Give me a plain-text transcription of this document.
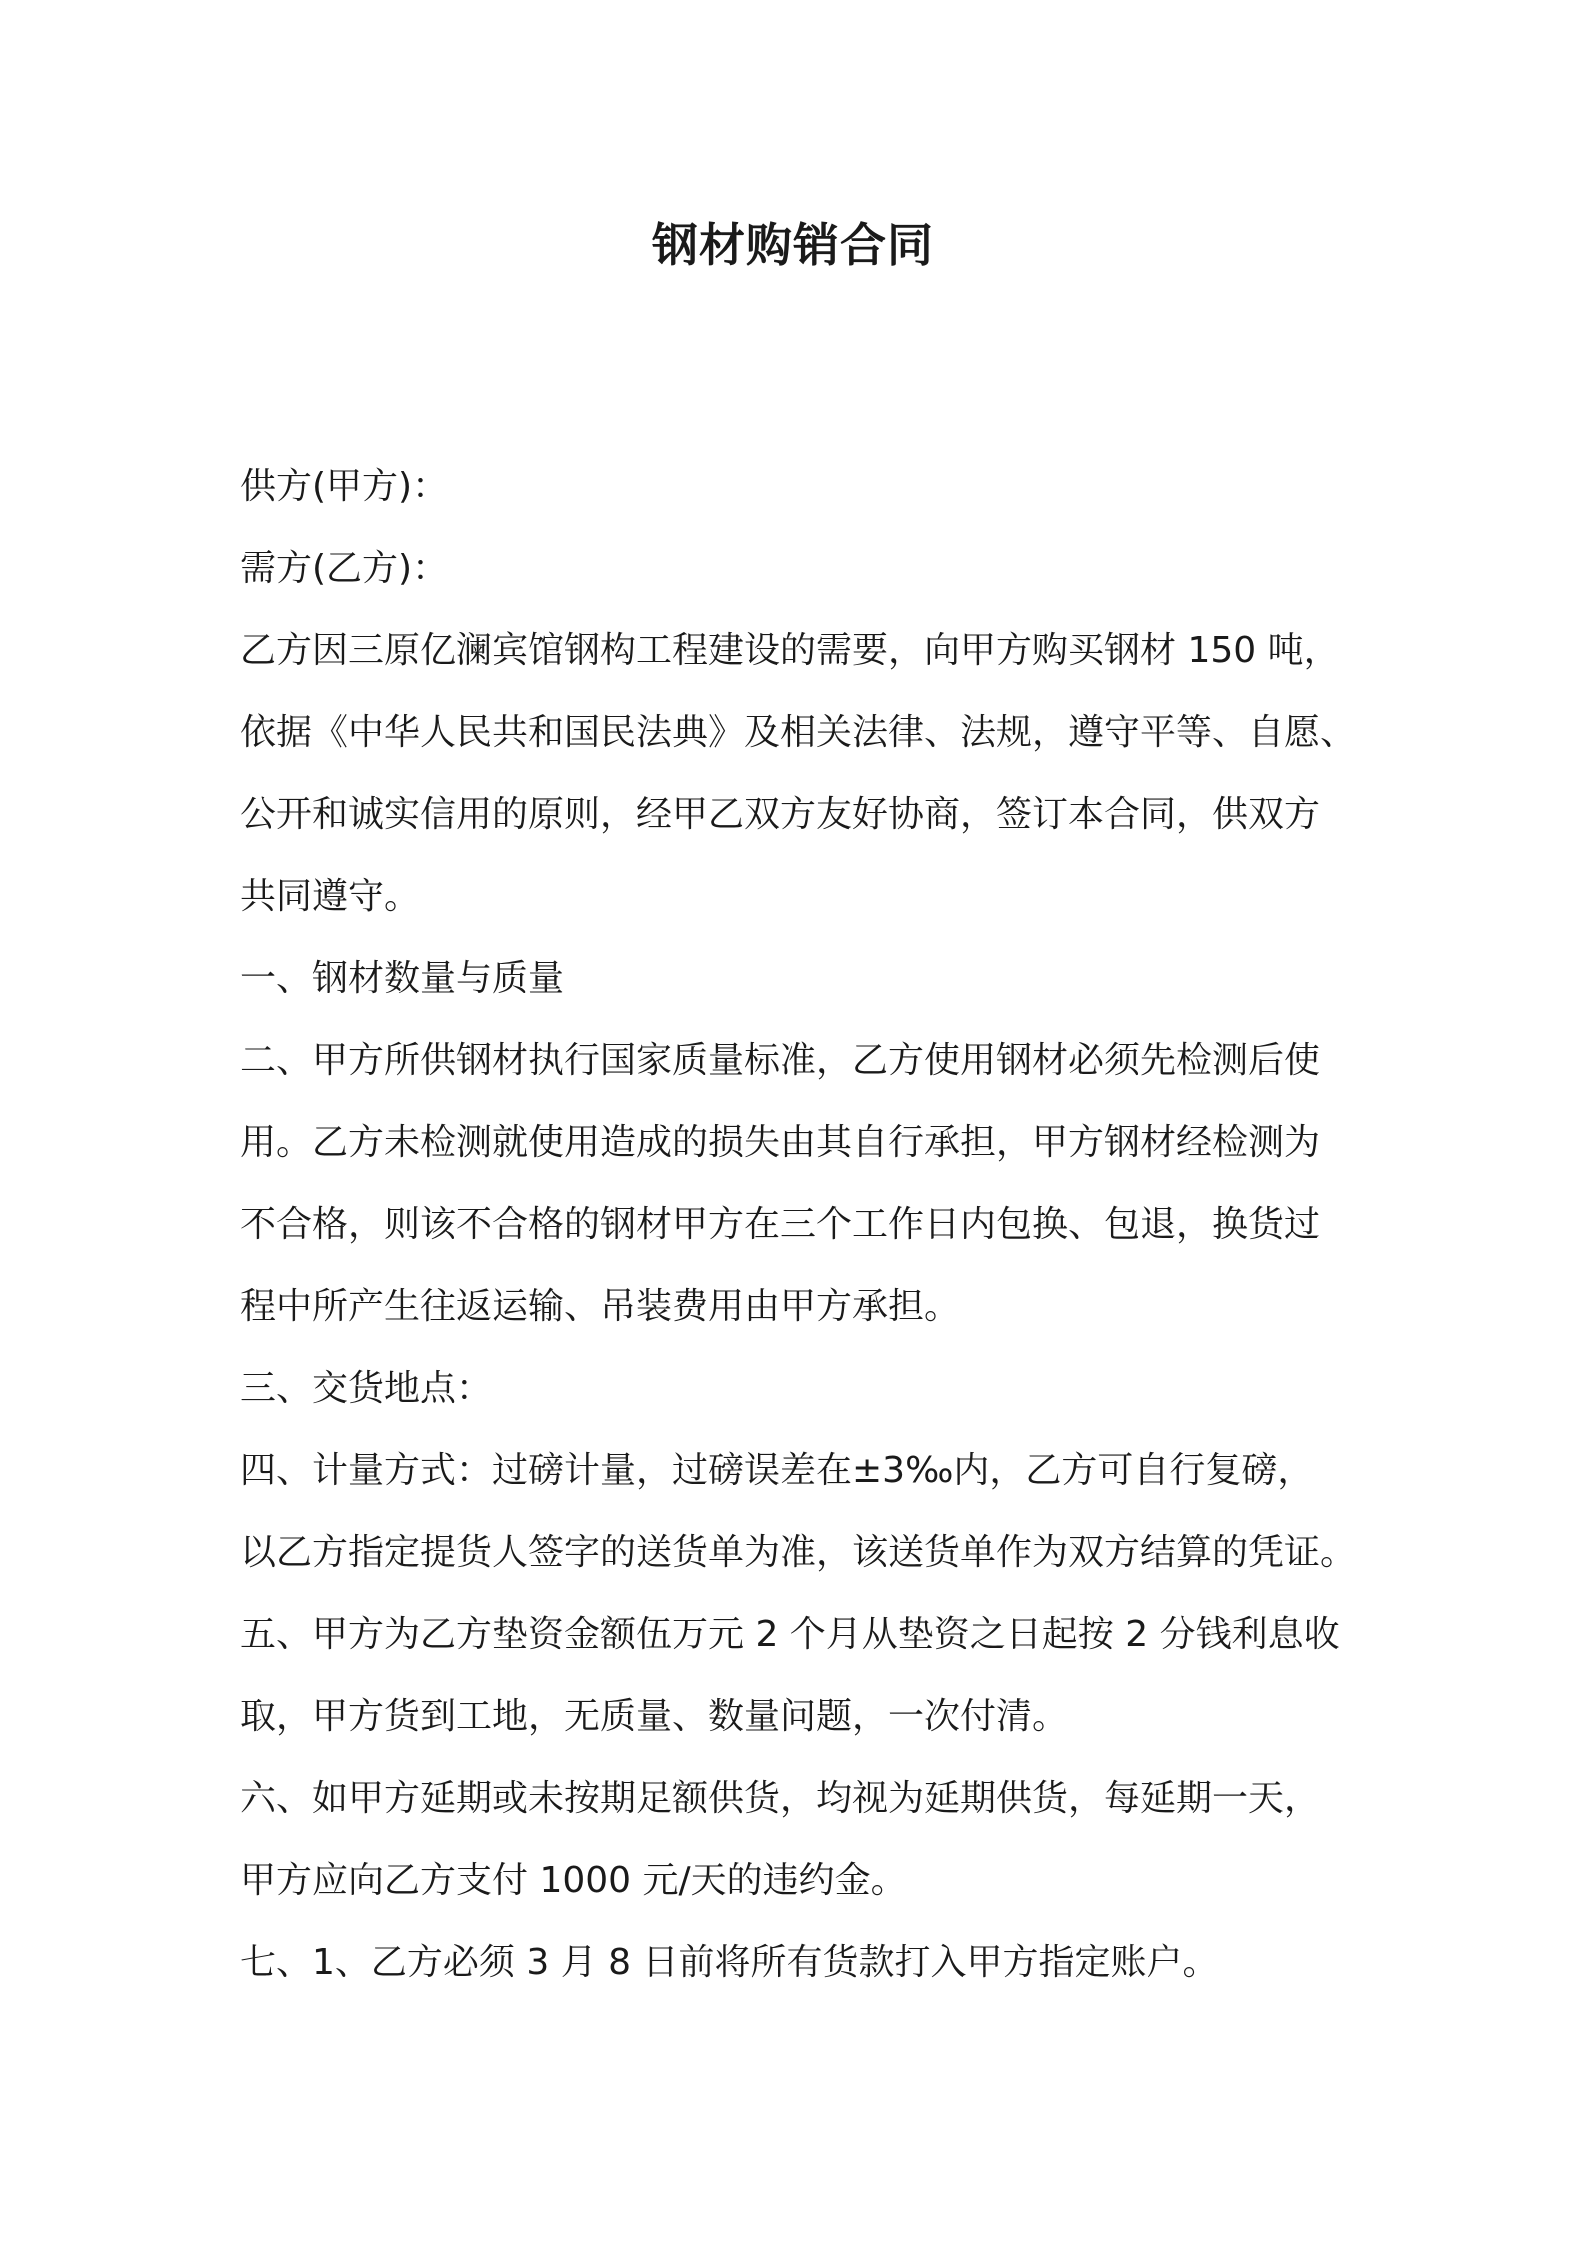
钢材购销合同

供方(甲方)：

需方(乙方)：

乙方因三原亿澜宾馆钢构工程建设的需要，向甲方购买钢材 150 吨，

依据《中华人民共和国民法典》及相关法律、法规，遵守平等、自愿、

公开和诚实信用的原则，经甲乙双方友好协商，签订本合同，供双方

共同遵守。

一、钢材数量与质量

二、甲方所供钢材执行国家质量标准，乙方使用钢材必须先检测后使

用。乙方未检测就使用造成的损失由其自行承担，甲方钢材经检测为

不合格，则该不合格的钢材甲方在三个工作日内包换、包退，换货过

程中所产生往返运输、吊装费用由甲方承担。

三、交货地点：

四、计量方式：过磅计量，过磅误差在±3‰内，乙方可自行复磅，

以乙方指定提货人签字的送货单为准，该送货单作为双方结算的凭证。

五、甲方为乙方垫资金额伍万元 2 个月从垫资之日起按 2 分钱利息收

取，甲方货到工地，无质量、数量问题，一次付清。

六、如甲方延期或未按期足额供货，均视为延期供货，每延期一天，

甲方应向乙方支付 1000 元/天的违约金。

七、1、乙方必须 3 月 8 日前将所有货款打入甲方指定账户。
